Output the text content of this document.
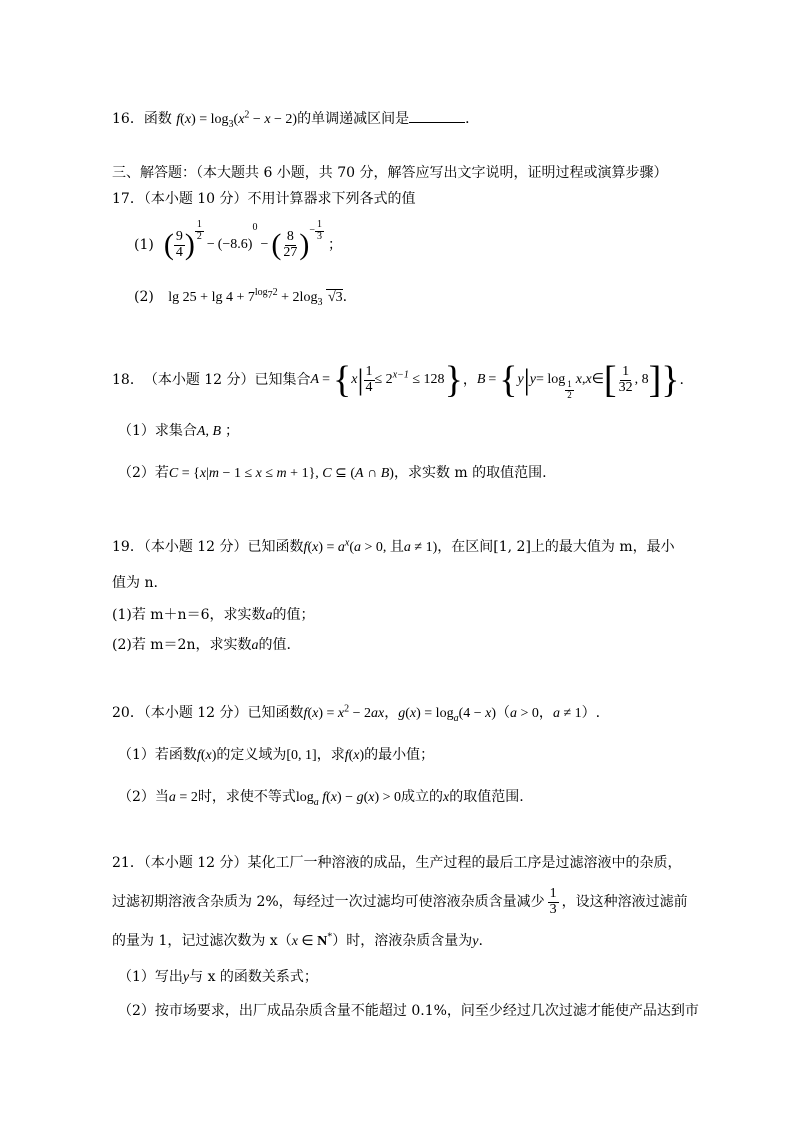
16．函数 $f(x) = \log_3(x^2 - x - 2)$的单调递减区间是	．
三、解答题：（本大题共 6 小题，共 70 分，解答应写出文字说明，证明过程或演算步骤）
17．（本小题 10 分）不用计算器求下列各式的值
(1) ( $\frac{9}{4}$ ) $\frac{1}{2}$
− (−8.6)
0
− ( $\frac{8}{27}$ ) − $\frac{1}{3}$
；
(2) $\lg 25 + \lg 4 + 7^{log_72} + 2\log_3$ √3.
18． （本小题 12 分）已知集合 A = { x | $\frac{1}{4} \le 2^{x-1} \le 128$ } ， B = { y | y = log
$\frac{1}{2}$
x , x ∈ [ $\frac{1}{32}$ , 8 ] } .
（1）求集合A, B ；
（2）若C = {x|m − 1 ≤ x ≤ m + 1}, C ⊆ (A ∩ B)，求实数 m 的取值范围.
19．（本小题 12 分）已知函数$f(x) = a^x(a > 0$, 且a ≠ 1)，在区间[1, 2]上的最大值为 m，最小
值为 n.
(1)若 m＋n＝6，求实数a的值；
(2)若 m＝2n，求实数a的值.
20．（本小题 12 分）已知函数$f(x) = x^2 - 2ax$，$g(x) = \log_a(4 - x)(a > 0$，a ≠ 1）.
（1）若函数f(x)的定义域为[0, 1]，求f(x)的最小值；
（2）当a = 2时，求使不等式$\log_a f(x) - g(x) > 0$成立的x的取值范围.
21．（本小题 12 分）某化工厂一种溶液的成品，生产过程的最后工序是过滤溶液中的杂质，
过滤初期溶液含杂质为 2%，每经过一次过滤均可使溶液杂质含量减少 $\frac{1}{3}$ ，设这种溶液过滤前
的量为 1，记过滤次数为 x（x ∈ N*）时，溶液杂质含量为y.
（1）写出y与 x 的函数关系式；
（2）按市场要求，出厂成品杂质含量不能超过 0.1%，问至少经过几次过滤才能使产品达到市
